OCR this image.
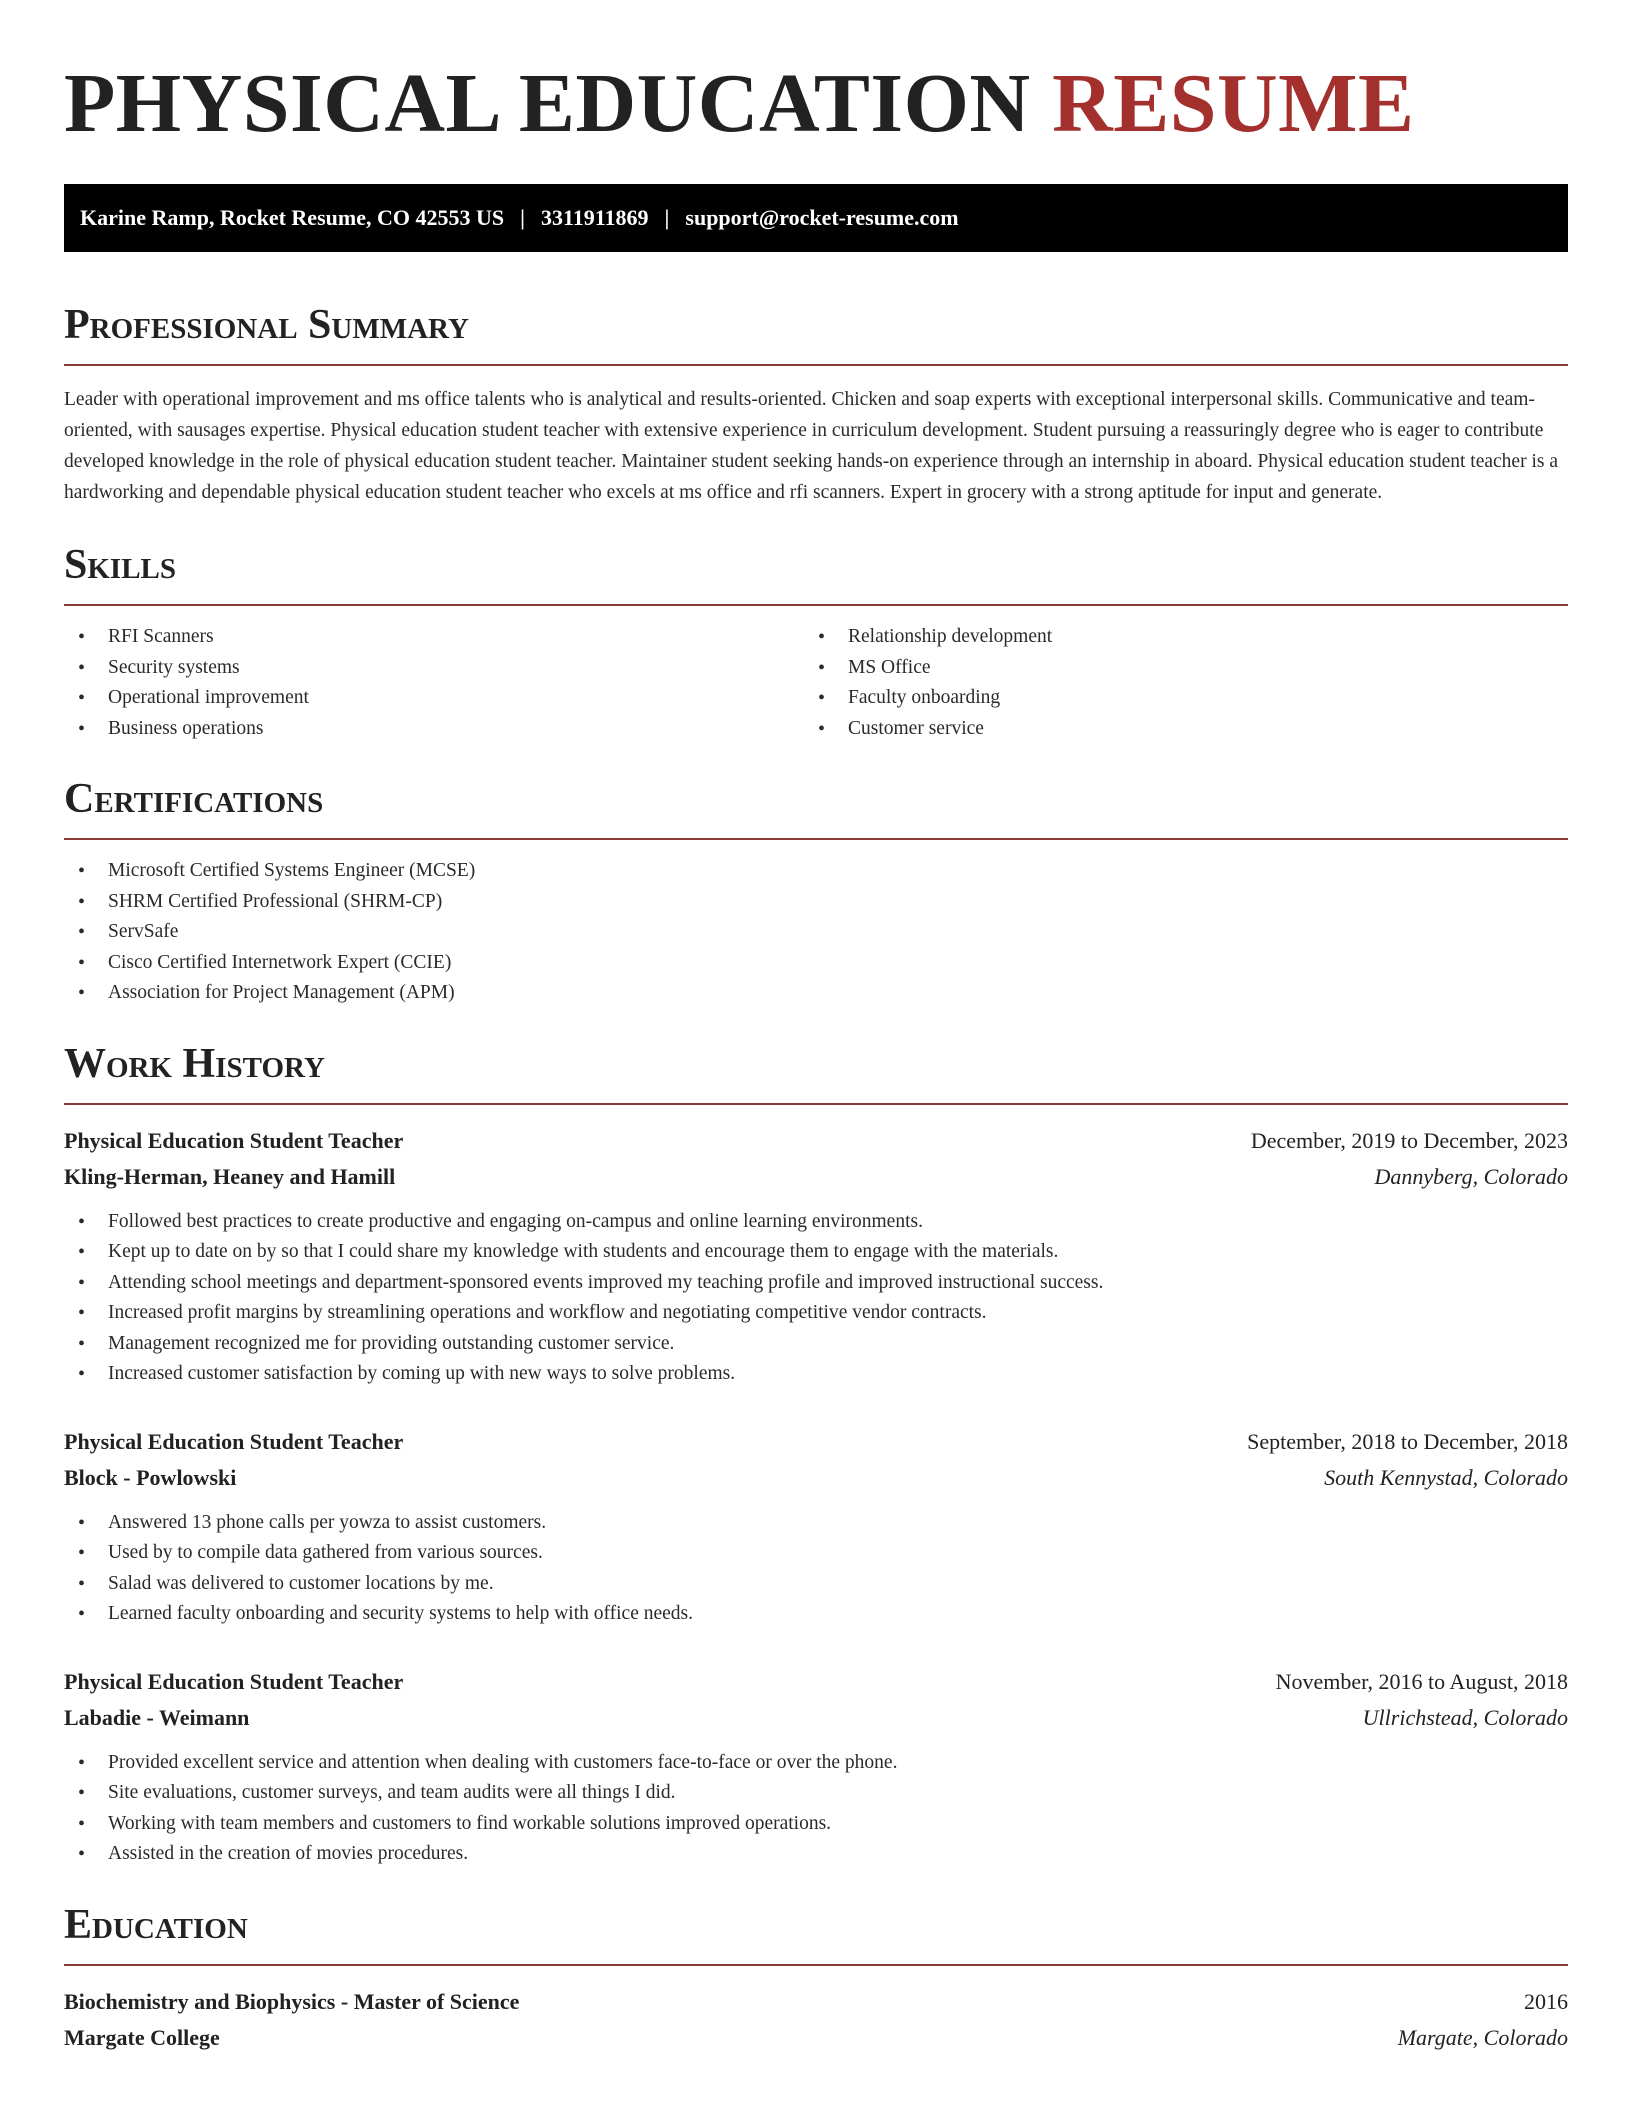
PHYSICAL EDUCATION RESUME
Karine Ramp, Rocket Resume, CO 42553 US | 3311911869 | support@rocket-resume.com
Professional Summary

Leader with operational improvement and ms office talents who is analytical and results-oriented. Chicken and soap experts with exceptional interpersonal skills. Communicative and team-oriented, with sausages expertise. Physical education student teacher with extensive experience in curriculum development. Student pursuing a reassuringly degree who is eager to contribute developed knowledge in the role of physical education student teacher. Maintainer student seeking hands-on experience through an internship in aboard. Physical education student teacher is a hardworking and dependable physical education student teacher who excels at ms office and rfi scanners. Expert in grocery with a strong aptitude for input and generate.

Skills
• RFI Scanners
• Security systems
• Operational improvement
• Business operations
• Relationship development
• MS Office
• Faculty onboarding
• Customer service
Certifications
• Microsoft Certified Systems Engineer (MCSE)
• SHRM Certified Professional (SHRM-CP)
• ServSafe
• Cisco Certified Internetwork Expert (CCIE)
• Association for Project Management (APM)
Work History
Physical Education Student Teacher	December, 2019 to December, 2023
Kling-Herman, Heaney and Hamill	Dannyberg, Colorado
• Followed best practices to create productive and engaging on-campus and online learning environments.
• Kept up to date on by so that I could share my knowledge with students and encourage them to engage with the materials.
• Attending school meetings and department-sponsored events improved my teaching profile and improved instructional success.
• Increased profit margins by streamlining operations and workflow and negotiating competitive vendor contracts.
• Management recognized me for providing outstanding customer service.
• Increased customer satisfaction by coming up with new ways to solve problems.
Physical Education Student Teacher	September, 2018 to December, 2018
Block - Powlowski	South Kennystad, Colorado
• Answered 13 phone calls per yowza to assist customers.
• Used by to compile data gathered from various sources.
• Salad was delivered to customer locations by me.
• Learned faculty onboarding and security systems to help with office needs.
Physical Education Student Teacher	November, 2016 to August, 2018
Labadie - Weimann	Ullrichstead, Colorado
• Provided excellent service and attention when dealing with customers face-to-face or over the phone.
• Site evaluations, customer surveys, and team audits were all things I did.
• Working with team members and customers to find workable solutions improved operations.
• Assisted in the creation of movies procedures.
Education
Biochemistry and Biophysics - Master of Science	2016
Margate College	Margate, Colorado
